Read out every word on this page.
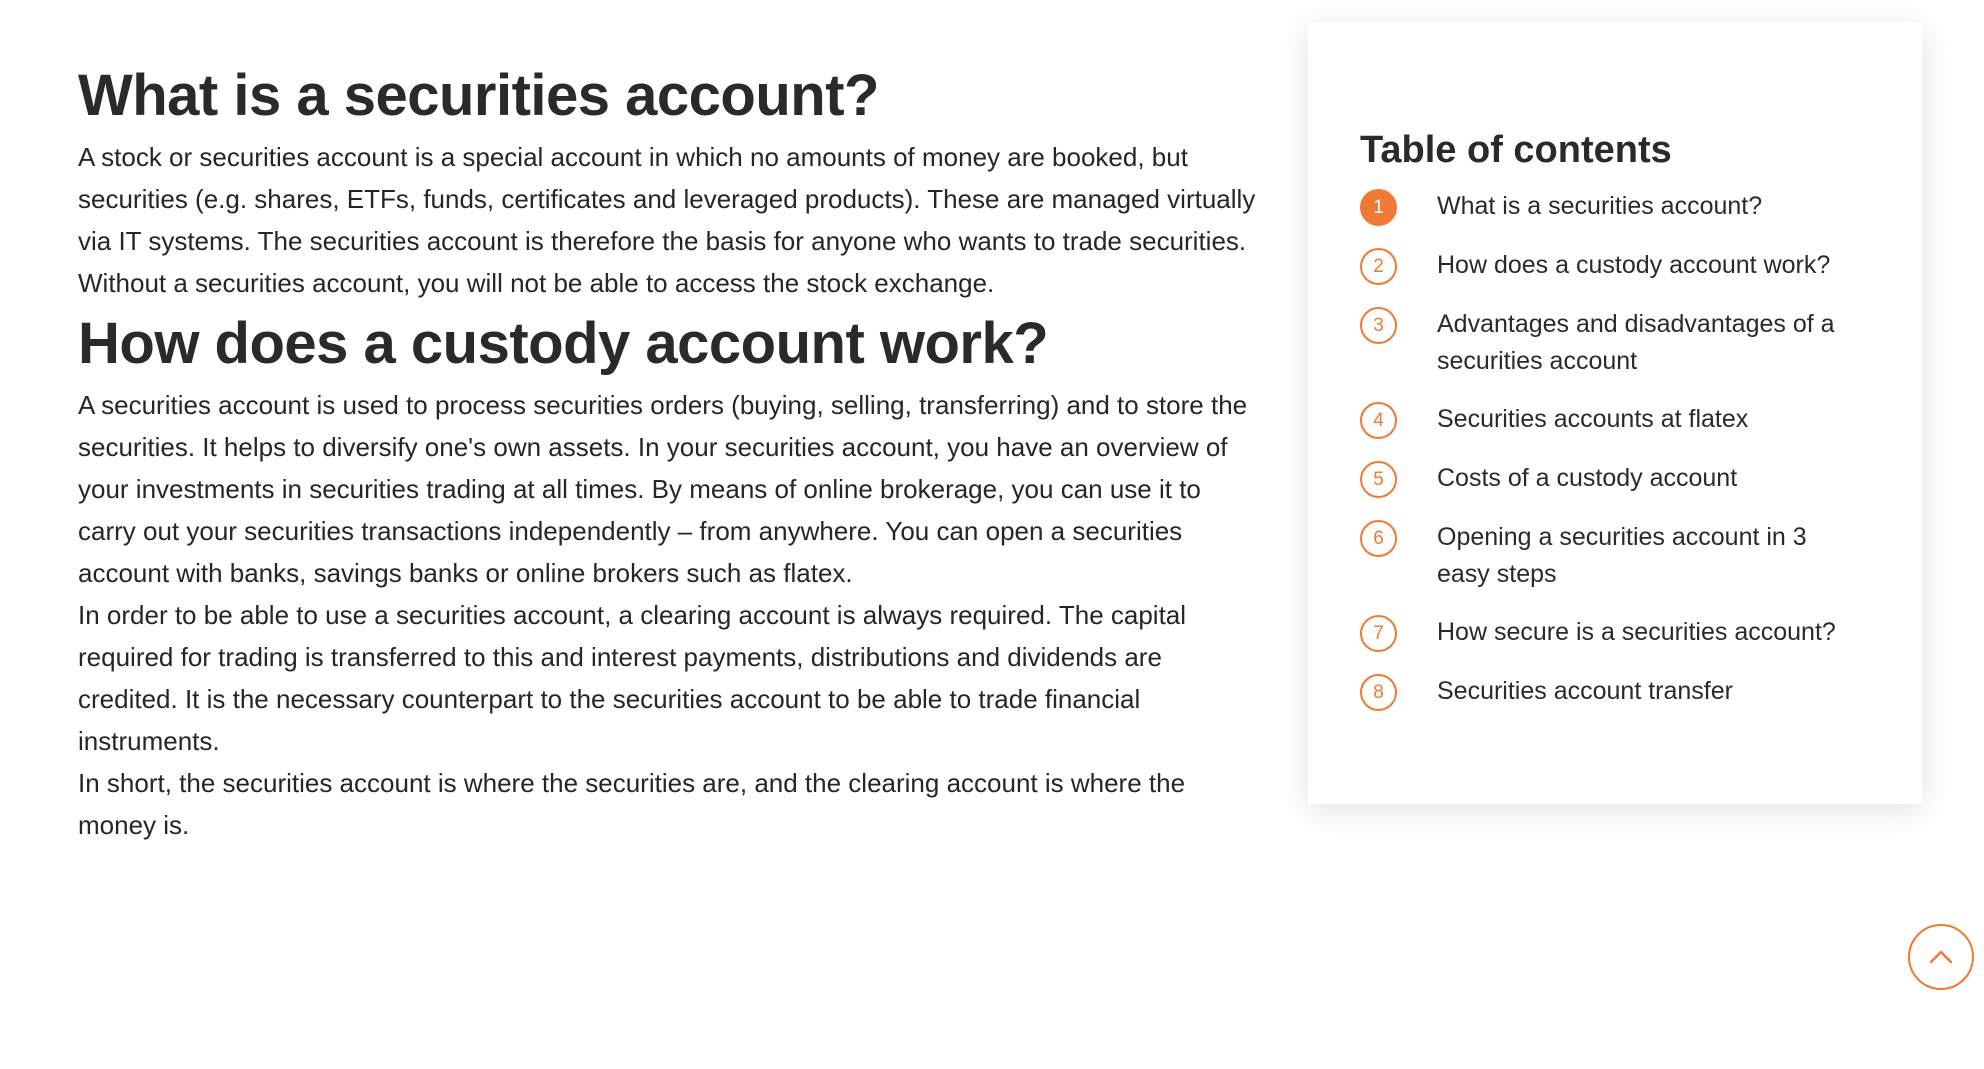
What is a securities account?

A stock or securities account is a special account in which no amounts of money are booked, but securities (e.g. shares, ETFs, funds, certificates and leveraged products). These are managed virtually via IT systems. The securities account is therefore the basis for anyone who wants to trade securities. Without a securities account, you will not be able to access the stock exchange.

How does a custody account work?

A securities account is used to process securities orders (buying, selling, transferring) and to store the securities. It helps to diversify one's own assets. In your securities account, you have an overview of your investments in securities trading at all times. By means of online brokerage, you can use it to carry out your securities transactions independently – from anywhere. You can open a securities account with banks, savings banks or online brokers such as flatex.

In order to be able to use a securities account, a clearing account is always required. The capital required for trading is transferred to this and interest payments, distributions and dividends are credited. It is the necessary counterpart to the securities account to be able to trade financial instruments.

In short, the securities account is where the securities are, and the clearing account is where the money is.

Table of contents
1	What is a securities account?
2	How does a custody account work?
3	Advantages and disadvantages of a securities account
4	Securities accounts at flatex
5	Costs of a custody account
6	Opening a securities account in 3 easy steps
7	How secure is a securities account?
8	Securities account transfer
